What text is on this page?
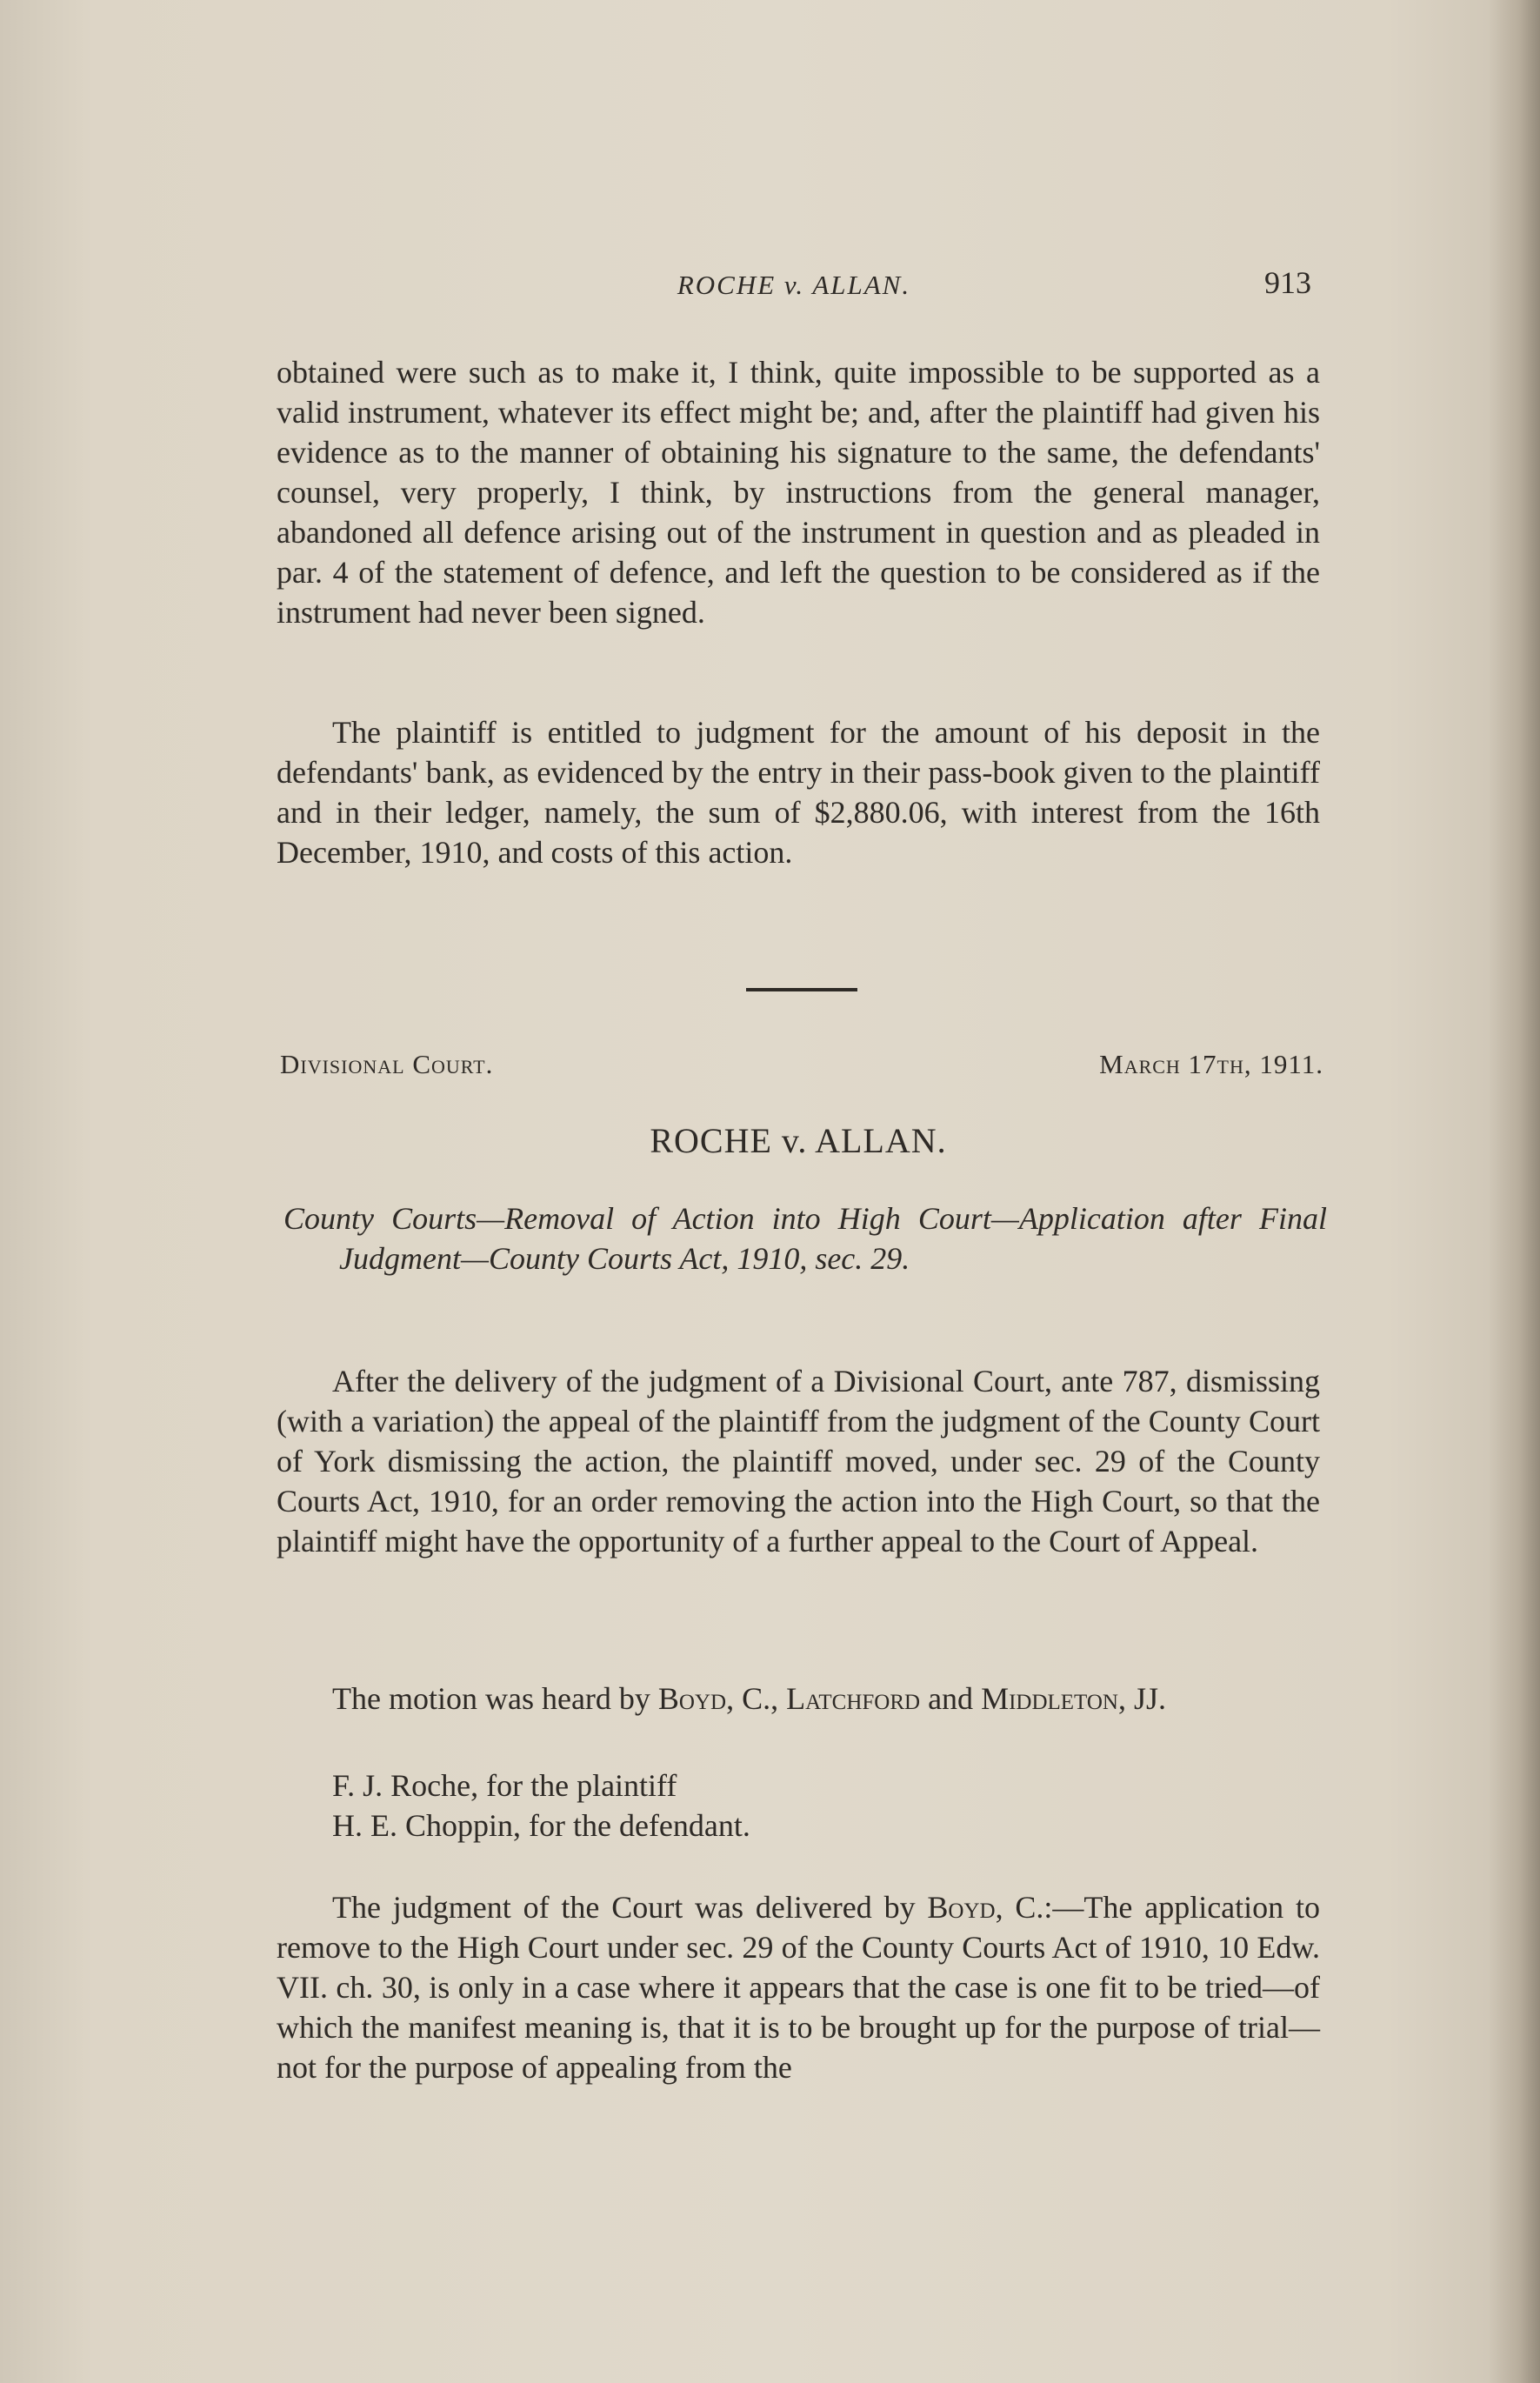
ROCHE v. ALLAN.	913

obtained were such as to make it, I think, quite impossible to be supported as a valid instrument, whatever its effect might be; and, after the plaintiff had given his evidence as to the manner of obtaining his signature to the same, the defendants' counsel, very properly, I think, by instructions from the general manager, abandoned all defence arising out of the instrument in question and as pleaded in par. 4 of the statement of defence, and left the question to be considered as if the instrument had never been signed.

The plaintiff is entitled to judgment for the amount of his deposit in the defendants' bank, as evidenced by the entry in their pass-book given to the plaintiff and in their ledger, namely, the sum of $2,880.06, with interest from the 16th December, 1910, and costs of this action.

Divisional Court.	March 17th, 1911.
ROCHE v. ALLAN.

County Courts—Removal of Action into High Court—Application after Final Judgment—County Courts Act, 1910, sec. 29.

After the delivery of the judgment of a Divisional Court, ante 787, dismissing (with a variation) the appeal of the plaintiff from the judgment of the County Court of York dismissing the action, the plaintiff moved, under sec. 29 of the County Courts Act, 1910, for an order removing the action into the High Court, so that the plaintiff might have the opportunity of a further appeal to the Court of Appeal.

The motion was heard by Boyd, C., Latchford and Middleton, JJ.

F. J. Roche, for the plaintiff
H. E. Choppin, for the defendant.

The judgment of the Court was delivered by Boyd, C.:—The application to remove to the High Court under sec. 29 of the County Courts Act of 1910, 10 Edw. VII. ch. 30, is only in a case where it appears that the case is one fit to be tried—of which the manifest meaning is, that it is to be brought up for the purpose of trial—not for the purpose of appealing from the
